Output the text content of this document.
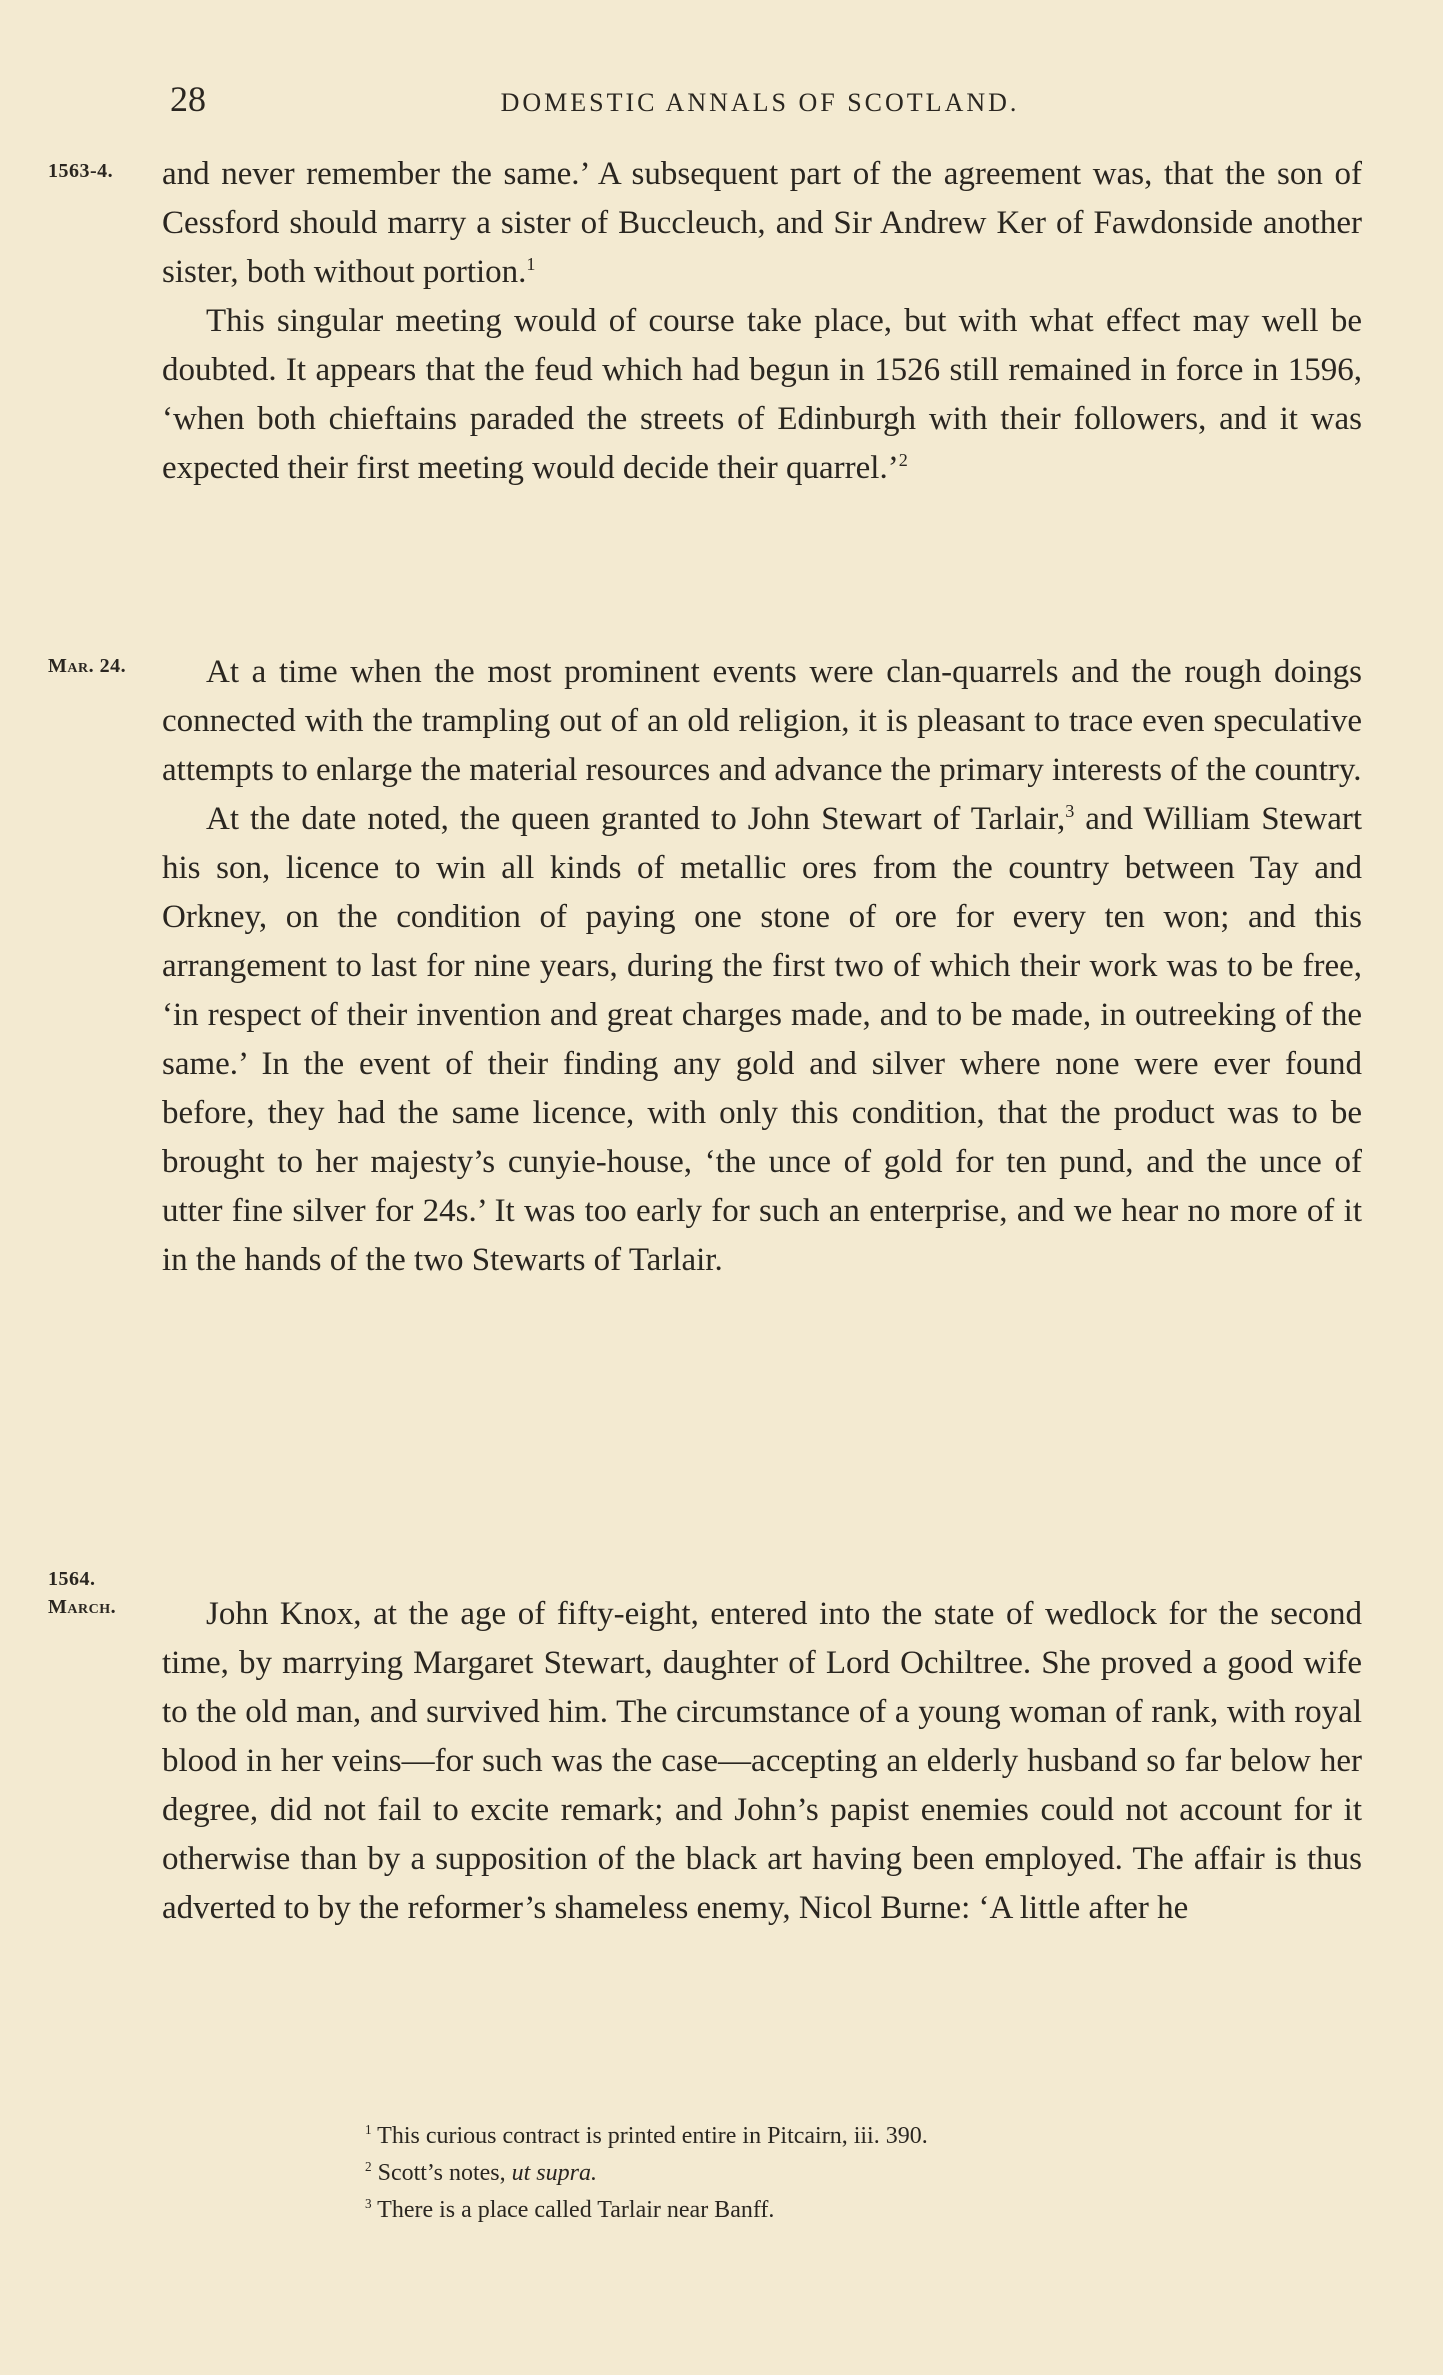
28	DOMESTIC ANNALS OF SCOTLAND.
1563-4.
Mar. 24.
1564.
March.

and never remember the same.’ A subsequent part of the agreement was, that the son of Cessford should marry a sister of Buccleuch, and Sir Andrew Ker of Fawdonside another sister, both without portion.$^1$

This singular meeting would of course take place, but with what effect may well be doubted. It appears that the feud which had begun in 1526 still remained in force in 1596, ‘when both chieftains paraded the streets of Edinburgh with their followers, and it was expected their first meeting would decide their quarrel.’$^2$

At a time when the most prominent events were clan-quarrels and the rough doings connected with the trampling out of an old religion, it is pleasant to trace even speculative attempts to enlarge the material resources and advance the primary interests of the country.

At the date noted, the queen granted to John Stewart of Tarlair,$^3$ and William Stewart his son, licence to win all kinds of metallic ores from the country between Tay and Orkney, on the condition of paying one stone of ore for every ten won; and this arrangement to last for nine years, during the first two of which their work was to be free, ‘in respect of their invention and great charges made, and to be made, in outreeking of the same.’ In the event of their finding any gold and silver where none were ever found before, they had the same licence, with only this condition, that the product was to be brought to her majesty’s cunyie-house, ‘the unce of gold for ten pund, and the unce of utter fine silver for 24s.’ It was too early for such an enterprise, and we hear no more of it in the hands of the two Stewarts of Tarlair.

John Knox, at the age of fifty-eight, entered into the state of wedlock for the second time, by marrying Margaret Stewart, daughter of Lord Ochiltree. She proved a good wife to the old man, and survived him. The circumstance of a young woman of rank, with royal blood in her veins—for such was the case—accepting an elderly husband so far below her degree, did not fail to excite remark; and John’s papist enemies could not account for it otherwise than by a supposition of the black art having been employed. The affair is thus adverted to by the reformer’s shameless enemy, Nicol Burne: ‘A little after he

$^1$ This curious contract is printed entire in Pitcairn, iii. 390.
$^2$ Scott’s notes, ut supra.
$^3$ There is a place called Tarlair near Banff.
